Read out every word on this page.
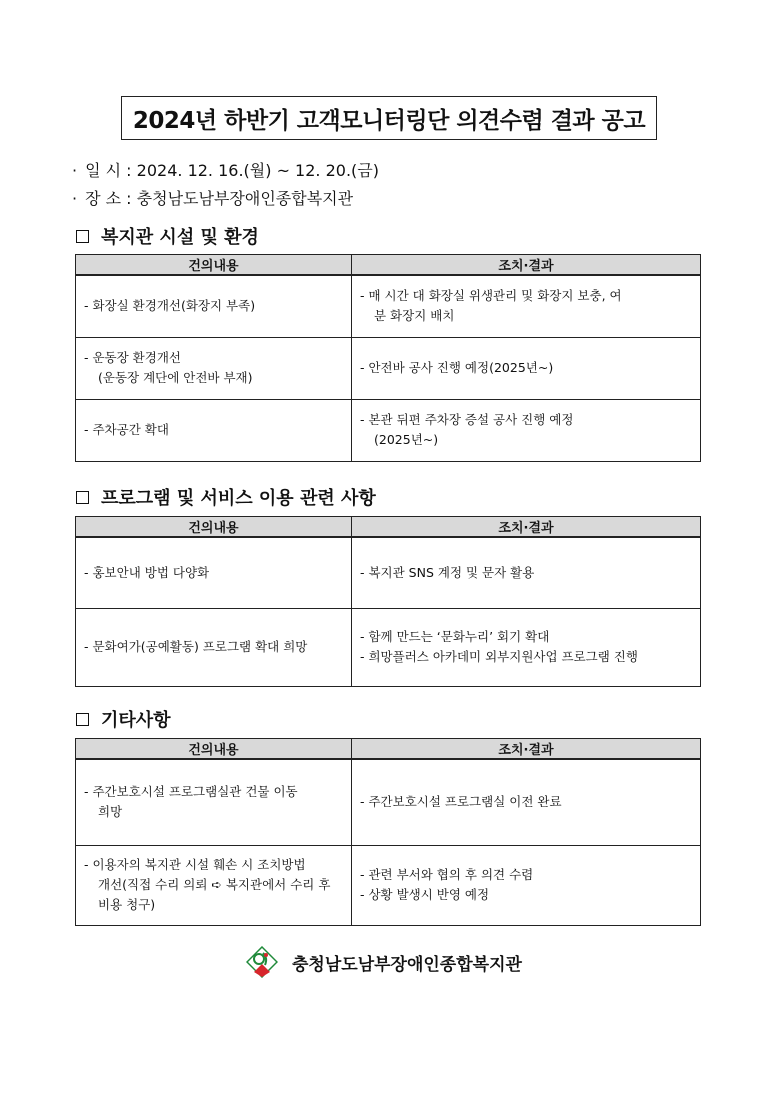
2024년 하반기 고객모니터링단 의견수렴 결과 공고
· 일 시 : 2024. 12. 16.(월) ~ 12. 20.(금)
· 장 소 : 충청남도남부장애인종합복지관
복지관 시설 및 환경
건의내용	조치·결과

- 화장실 환경개선(화장지 부족)	- 매 시간 대 화장실 위생관리 및 화장지 보충, 여
분 화장지 배치

- 운동장 환경개선
(운동장 계단에 안전바 부재)	- 안전바 공사 진행 예정(2025년~)

- 주차공간 확대	- 본관 뒤편 주차장 증설 공사 진행 예정
(2025년~)
프로그램 및 서비스 이용 관련 사항
건의내용	조치·결과

- 홍보안내 방법 다양화	- 복지관 SNS 계정 및 문자 활용

- 문화여가(공예활동) 프로그램 확대 희망	- 함께 만드는 ‘문화누리’ 회기 확대
- 희망플러스 아카데미 외부지원사업 프로그램 진행
기타사항
건의내용	조치·결과

- 주간보호시설 프로그램실관 건물 이동
희망	- 주간보호시설 프로그램실 이전 완료

- 이용자의 복지관 시설 훼손 시 조치방법
개선(직접 수리 의뢰 ➪ 복지관에서 수리 후
비용 청구)	- 관련 부서와 협의 후 의견 수렴
- 상황 발생시 반영 예정
충청남도남부장애인종합복지관
